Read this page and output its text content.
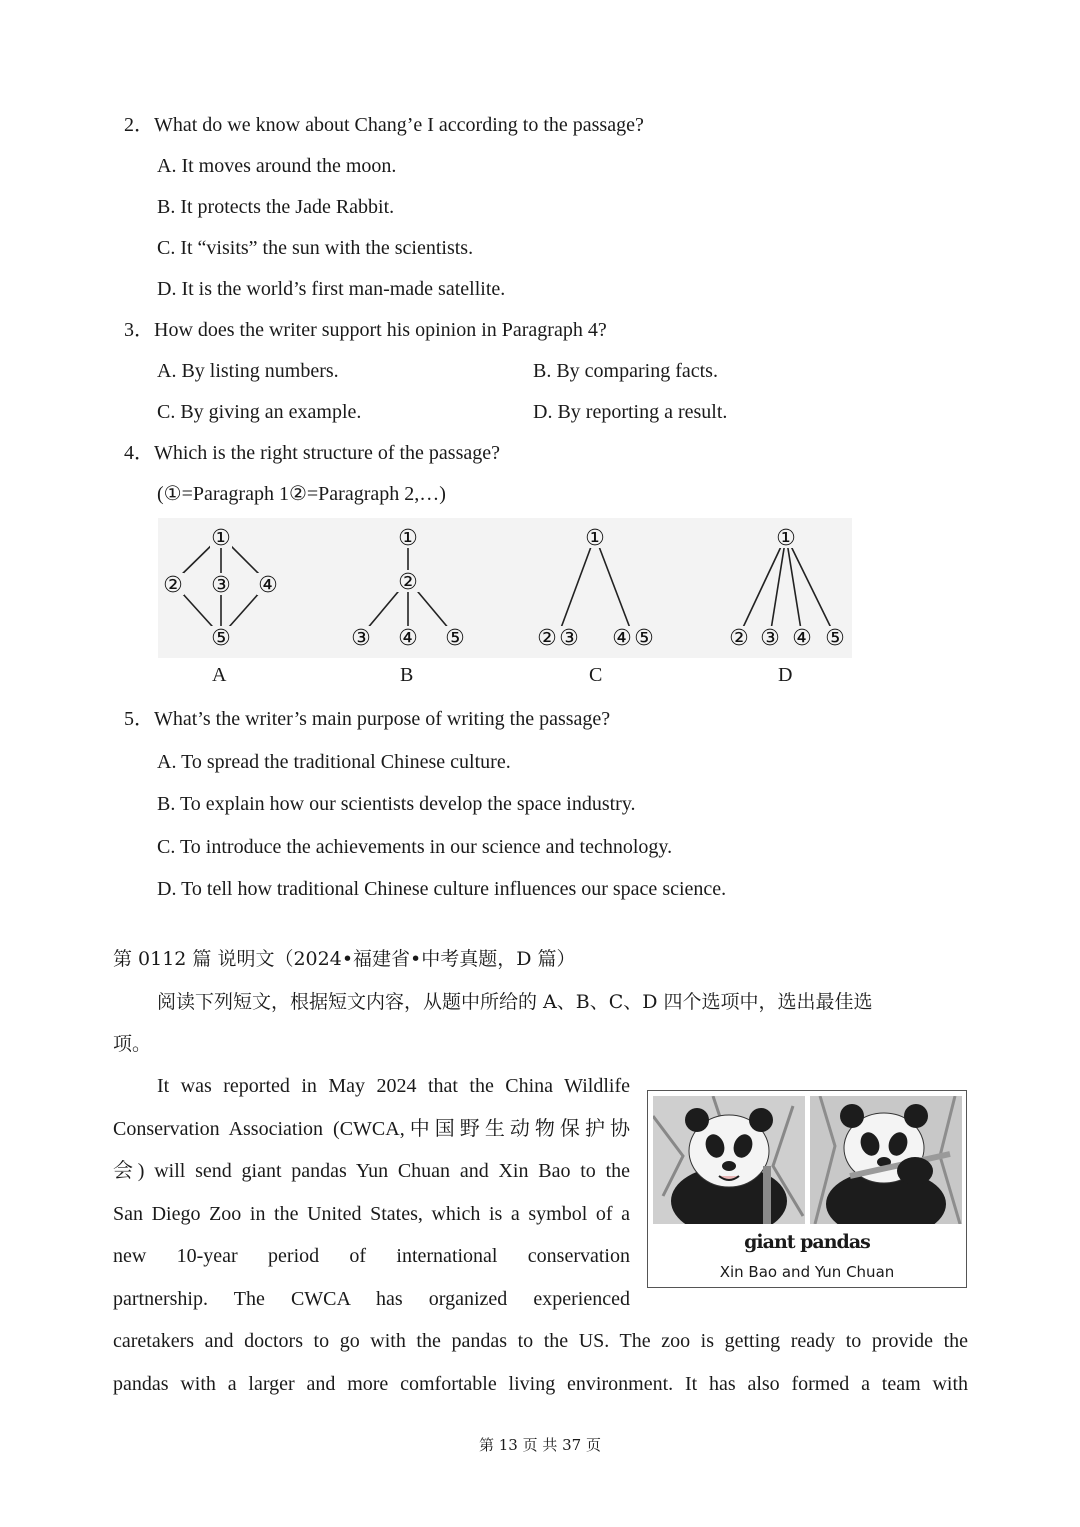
2．What do we know about Chang’e I according to the passage?
A. It moves around the moon.
B. It protects the Jade Rabbit.
C. It “visits” the sun with the scientists.
D. It is the world’s first man-made satellite.
3．How does the writer support his opinion in Paragraph 4?
A. By listing numbers.	B. By comparing facts.
C. By giving an example.	D. By reporting a result.
4．Which is the right structure of the passage?
(①=Paragraph 1②=Paragraph 2,…)
①
② ③ ④
⑤
①
②
③ ④ ⑤
①
② ③ ④ ⑤
①
② ③ ④ ⑤
A	B	C	D
5．What’s the writer’s main purpose of writing the passage?
A. To spread the traditional Chinese culture.
B. To explain how our scientists develop the space industry.
C. To introduce the achievements in our science and technology.
D. To tell how traditional Chinese culture influences our space science.
第 0112 篇 说明文（2024•福建省•中考真题，D 篇）
阅读下列短文，根据短文内容，从题中所给的 A、B、C、D 四个选项中，选出最佳选
项。
It was reported in May 2024 that the China Wildlife
Conservation Association (CWCA,中国野生动物保护协
会) will send giant pandas Yun Chuan and Xin Bao to the
San Diego Zoo in the United States, which is a symbol of a
new 10-year period of international conservation
partnership. The CWCA has organized experienced
giant pandas
Xin Bao and Yun Chuan
caretakers and doctors to go with the pandas to the US. The zoo is getting ready to provide the
pandas with a larger and more comfortable living environment. It has also formed a team with
第 13 页 共 37 页
